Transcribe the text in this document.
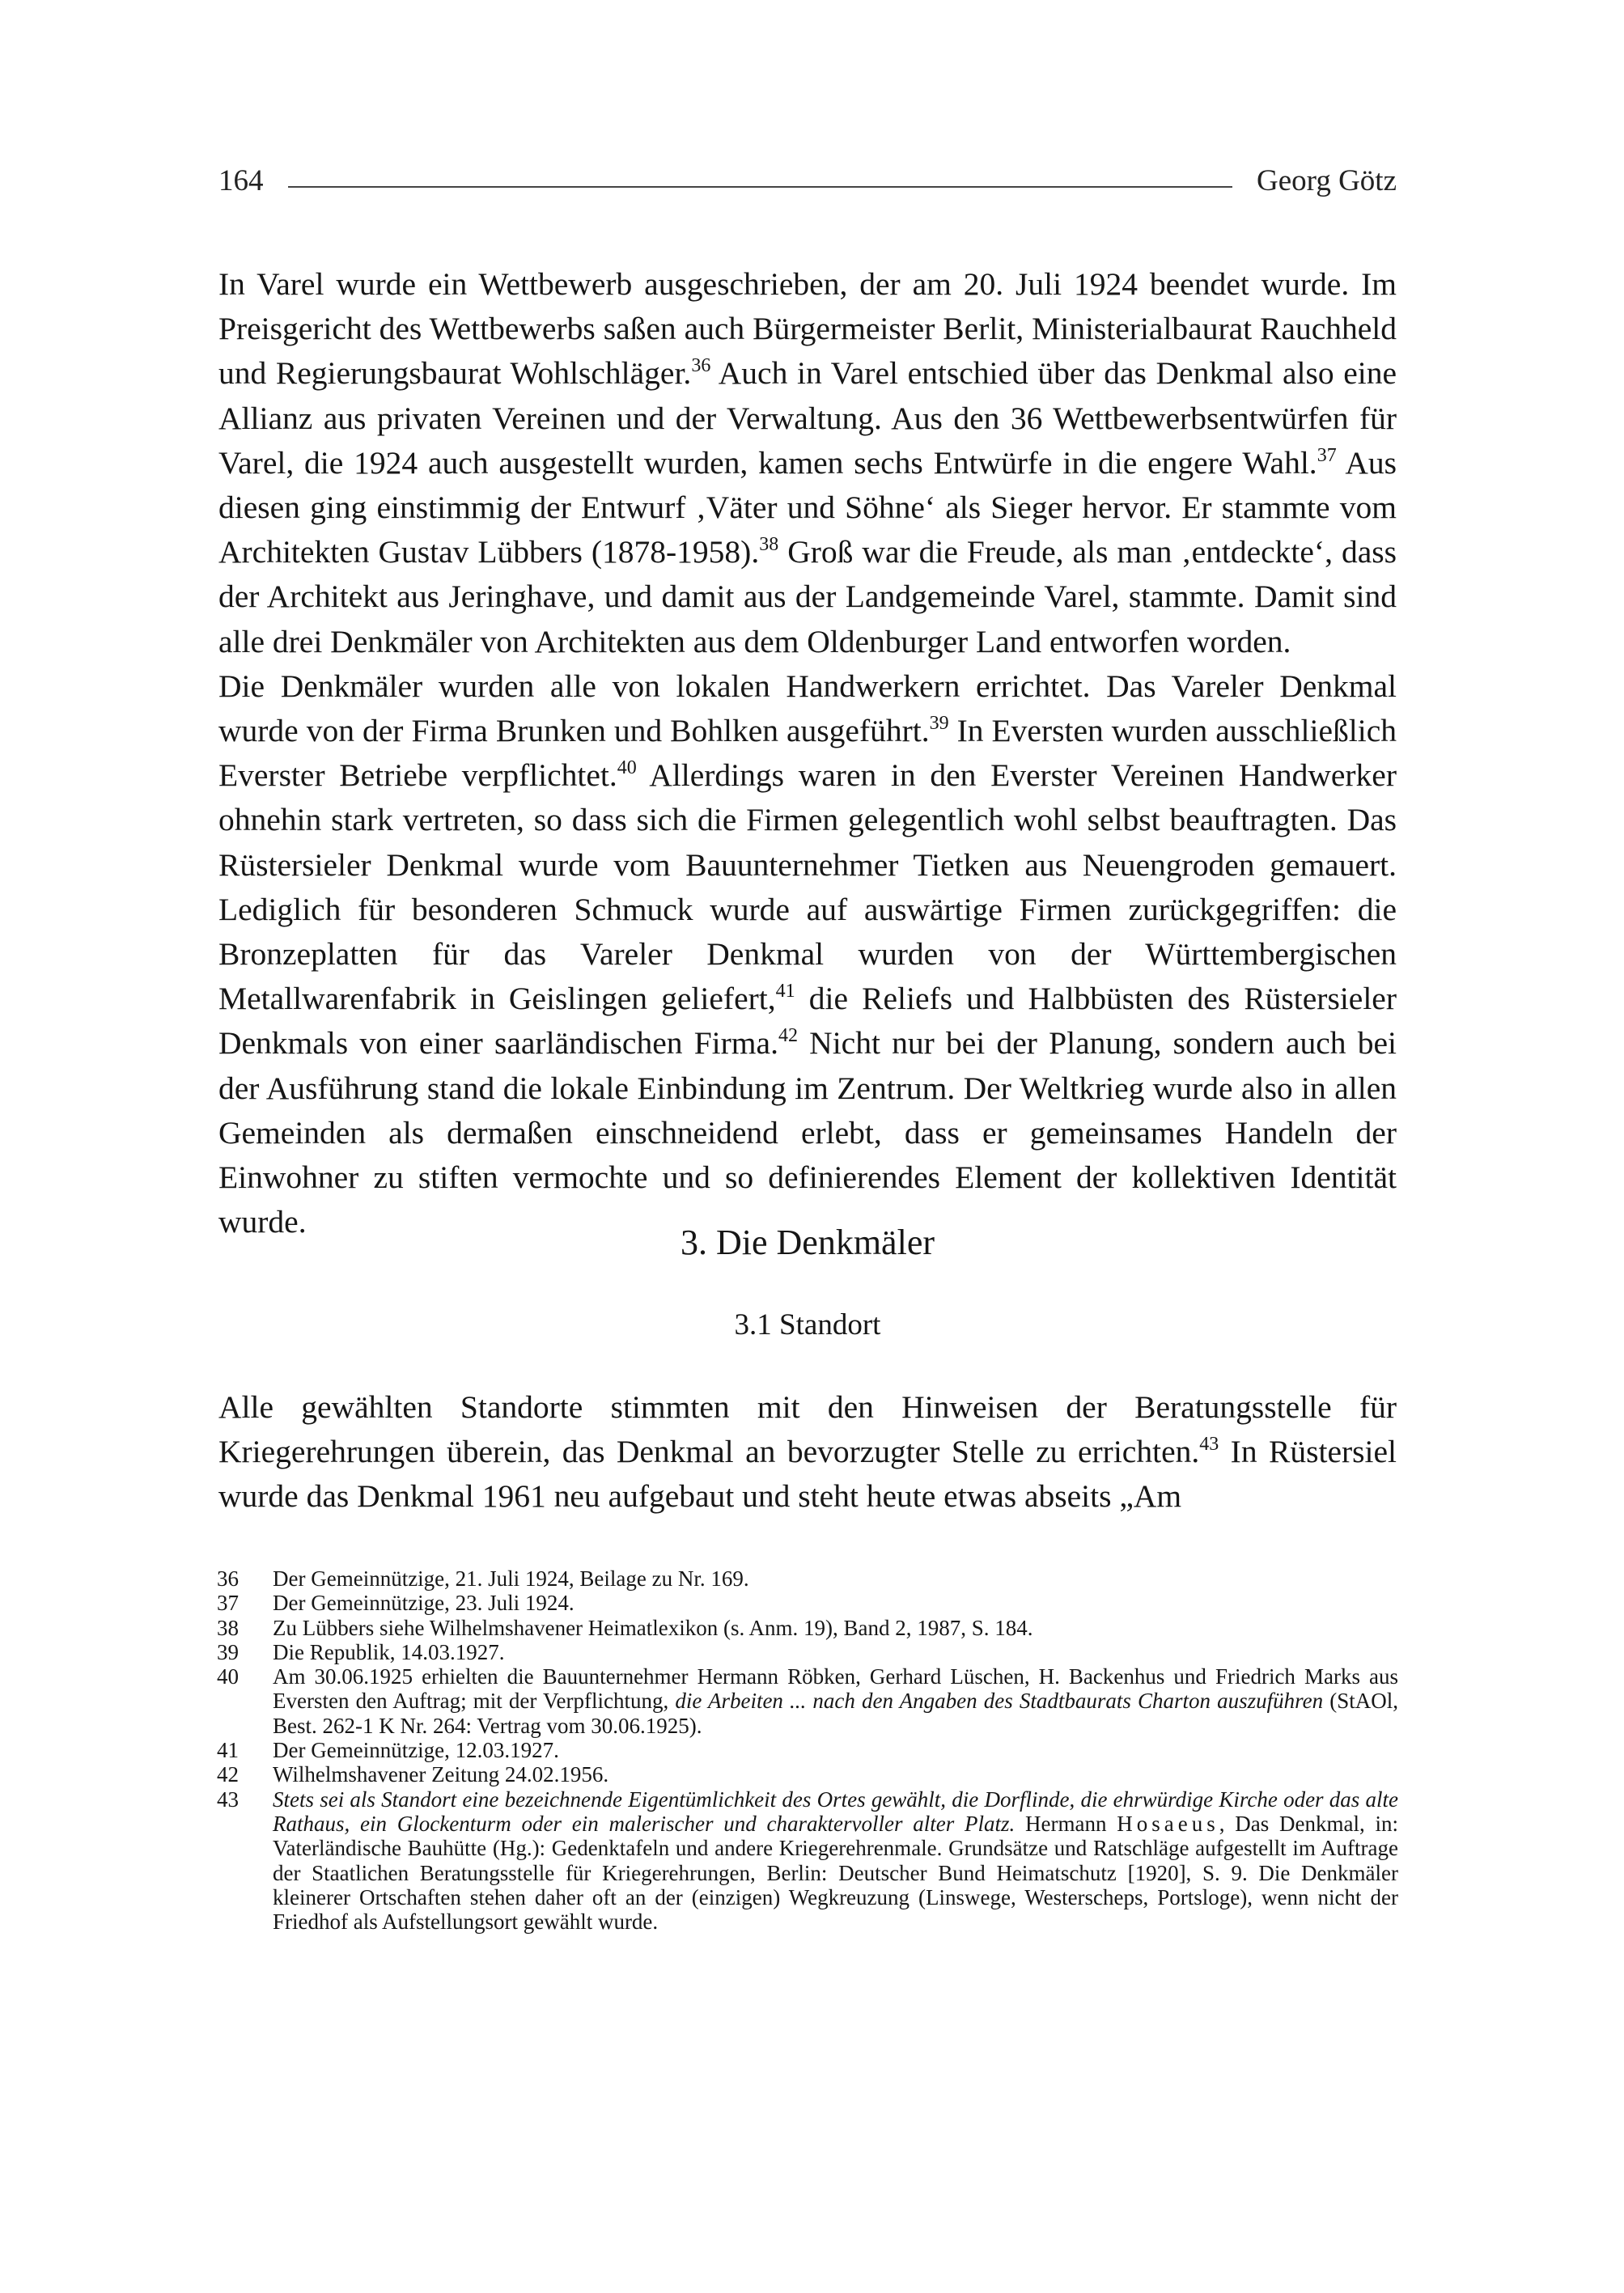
164	Georg Götz

In Varel wurde ein Wettbewerb ausgeschrieben, der am 20. Juli 1924 beendet wurde. Im Preisgericht des Wettbewerbs saßen auch Bürgermeister Berlit, Ministerialbaurat Rauchheld und Regierungsbaurat Wohlschläger.$^{36}$ Auch in Varel entschied über das Denkmal also eine Allianz aus privaten Vereinen und der Verwaltung. Aus den 36 Wettbewerbsentwürfen für Varel, die 1924 auch ausgestellt wurden, kamen sechs Entwürfe in die engere Wahl.$^{37}$ Aus diesen ging einstimmig der Entwurf ‚Väter und Söhne‘ als Sieger hervor. Er stammte vom Architekten Gustav Lübbers (1878-1958).$^{38}$ Groß war die Freude, als man ‚entdeckte‘, dass der Architekt aus Jeringhave, und damit aus der Landgemeinde Varel, stammte. Damit sind alle drei Denkmäler von Architekten aus dem Oldenburger Land entworfen worden.

Die Denkmäler wurden alle von lokalen Handwerkern errichtet. Das Vareler Denkmal wurde von der Firma Brunken und Bohlken ausgeführt.$^{39}$ In Eversten wurden ausschließlich Everster Betriebe verpflichtet.$^{40}$ Allerdings waren in den Everster Vereinen Handwerker ohnehin stark vertreten, so dass sich die Firmen gelegentlich wohl selbst beauftragten. Das Rüstersieler Denkmal wurde vom Bauunternehmer Tietken aus Neuengroden gemauert. Lediglich für besonderen Schmuck wurde auf auswärtige Firmen zurückgegriffen: die Bronzeplatten für das Vareler Denkmal wurden von der Württembergischen Metallwarenfabrik in Geislingen geliefert,$^{41}$ die Reliefs und Halbbüsten des Rüstersieler Denkmals von einer saarländischen Firma.$^{42}$ Nicht nur bei der Planung, sondern auch bei der Ausführung stand die lokale Einbindung im Zentrum. Der Weltkrieg wurde also in allen Gemeinden als dermaßen einschneidend erlebt, dass er gemeinsames Handeln der Einwohner zu stiften vermochte und so definierendes Element der kollektiven Identität wurde.

3. Die Denkmäler
3.1 Standort
Alle gewählten Standorte stimmten mit den Hinweisen der Beratungsstelle für Kriegerehrungen überein, das Denkmal an bevorzugter Stelle zu errichten.$^{43}$ In Rüstersiel wurde das Denkmal 1961 neu aufgebaut und steht heute etwas abseits „Am
36	Der Gemeinnützige, 21. Juli 1924, Beilage zu Nr. 169.
37	Der Gemeinnützige, 23. Juli 1924.
38	Zu Lübbers siehe Wilhelmshavener Heimatlexikon (s. Anm. 19), Band 2, 1987, S. 184.
39	Die Republik, 14.03.1927.
40	Am 30.06.1925 erhielten die Bauunternehmer Hermann Röbken, Gerhard Lüschen, H. Backenhus und Friedrich Marks aus Eversten den Auftrag; mit der Verpflichtung, die Arbeiten ... nach den Angaben des Stadtbaurats Charton auszuführen (StAOl, Best. 262-1 K Nr. 264: Vertrag vom 30.06.1925).
41	Der Gemeinnützige, 12.03.1927.
42	Wilhelmshavener Zeitung 24.02.1956.
43	Stets sei als Standort eine bezeichnende Eigentümlichkeit des Ortes gewählt, die Dorflinde, die ehrwürdige Kirche oder das alte Rathaus, ein Glockenturm oder ein malerischer und charaktervoller alter Platz. Hermann Hosaeus, Das Denkmal, in: Vaterländische Bauhütte (Hg.): Gedenktafeln und andere Kriegerehrenmale. Grundsätze und Ratschläge aufgestellt im Auftrage der Staatlichen Beratungsstelle für Kriegerehrungen, Berlin: Deutscher Bund Heimatschutz [1920], S. 9. Die Denkmäler kleinerer Ortschaften stehen daher oft an der (einzigen) Wegkreuzung (Linswege, Westerscheps, Portsloge), wenn nicht der Friedhof als Aufstellungsort gewählt wurde.
